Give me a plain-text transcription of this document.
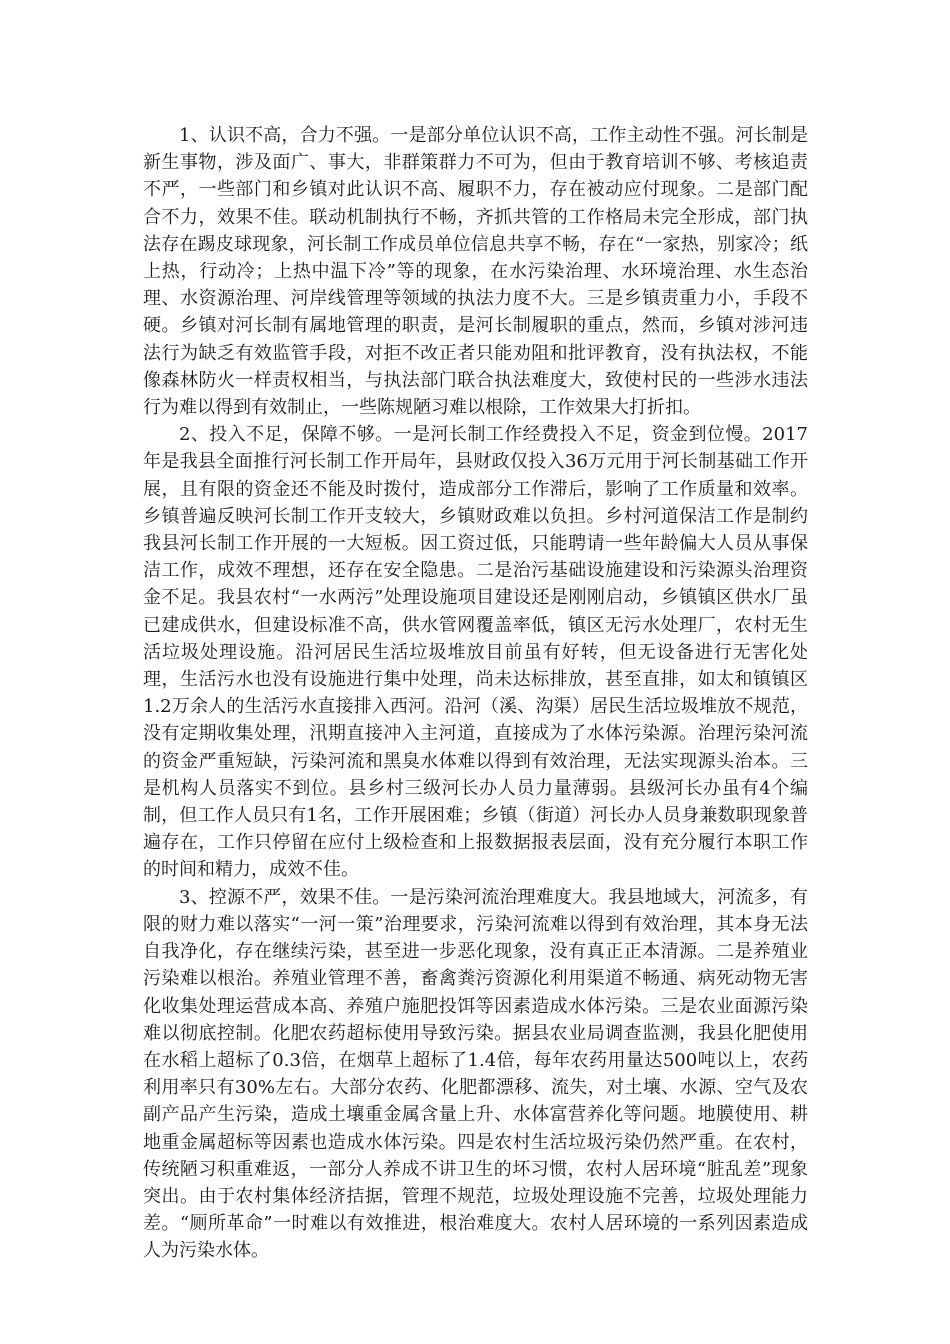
1、认识不高，合力不强。一是部分单位认识不高，工作主动性不强。河长制是新生事物，涉及面广、事大，非群策群力不可为，但由于教育培训不够、考核追责不严，一些部门和乡镇对此认识不高、履职不力，存在被动应付现象。二是部门配合不力，效果不佳。联动机制执行不畅，齐抓共管的工作格局未完全形成，部门执法存在踢皮球现象，河长制工作成员单位信息共享不畅，存在“一家热，别家冷；纸上热，行动冷；上热中温下冷”等的现象，在水污染治理、水环境治理、水生态治理、水资源治理、河岸线管理等领域的执法力度不大。三是乡镇责重力小，手段不硬。乡镇对河长制有属地管理的职责，是河长制履职的重点，然而，乡镇对涉河违法行为缺乏有效监管手段，对拒不改正者只能劝阻和批评教育，没有执法权，不能像森林防火一样责权相当，与执法部门联合执法难度大，致使村民的一些涉水违法行为难以得到有效制止，一些陈规陋习难以根除，工作效果大打折扣。

2、投入不足，保障不够。一是河长制工作经费投入不足，资金到位慢。2017年是我县全面推行河长制工作开局年，县财政仅投入36万元用于河长制基础工作开展，且有限的资金还不能及时拨付，造成部分工作滞后，影响了工作质量和效率。乡镇普遍反映河长制工作开支较大，乡镇财政难以负担。乡村河道保洁工作是制约我县河长制工作开展的一大短板。因工资过低，只能聘请一些年龄偏大人员从事保洁工作，成效不理想，还存在安全隐患。二是治污基础设施建设和污染源头治理资金不足。我县农村“一水两污”处理设施项目建设还是刚刚启动，乡镇镇区供水厂虽已建成供水，但建设标准不高，供水管网覆盖率低，镇区无污水处理厂，农村无生活垃圾处理设施。沿河居民生活垃圾堆放目前虽有好转，但无设备进行无害化处理，生活污水也没有设施进行集中处理，尚未达标排放，甚至直排，如太和镇镇区1.2万余人的生活污水直接排入西河。沿河（溪、沟渠）居民生活垃圾堆放不规范，没有定期收集处理，汛期直接冲入主河道，直接成为了水体污染源。治理污染河流的资金严重短缺，污染河流和黑臭水体难以得到有效治理，无法实现源头治本。三是机构人员落实不到位。县乡村三级河长办人员力量薄弱。县级河长办虽有4个编制，但工作人员只有1名，工作开展困难；乡镇（街道）河长办人员身兼数职现象普遍存在，工作只停留在应付上级检查和上报数据报表层面，没有充分履行本职工作的时间和精力，成效不佳。

3、控源不严，效果不佳。一是污染河流治理难度大。我县地域大，河流多，有限的财力难以落实“一河一策”治理要求，污染河流难以得到有效治理，其本身无法自我净化，存在继续污染，甚至进一步恶化现象，没有真正正本清源。二是养殖业污染难以根治。养殖业管理不善，畜禽粪污资源化利用渠道不畅通、病死动物无害化收集处理运营成本高、养殖户施肥投饵等因素造成水体污染。三是农业面源污染难以彻底控制。化肥农药超标使用导致污染。据县农业局调查监测，我县化肥使用在水稻上超标了0.3倍，在烟草上超标了1.4倍，每年农药用量达500吨以上，农药利用率只有30%左右。大部分农药、化肥都漂移、流失，对土壤、水源、空气及农副产品产生污染，造成土壤重金属含量上升、水体富营养化等问题。地膜使用、耕地重金属超标等因素也造成水体污染。四是农村生活垃圾污染仍然严重。在农村，传统陋习积重难返，一部分人养成不讲卫生的坏习惯，农村人居环境“脏乱差”现象突出。由于农村集体经济拮据，管理不规范，垃圾处理设施不完善，垃圾处理能力差。“厕所革命”一时难以有效推进，根治难度大。农村人居环境的一系列因素造成人为污染水体。
